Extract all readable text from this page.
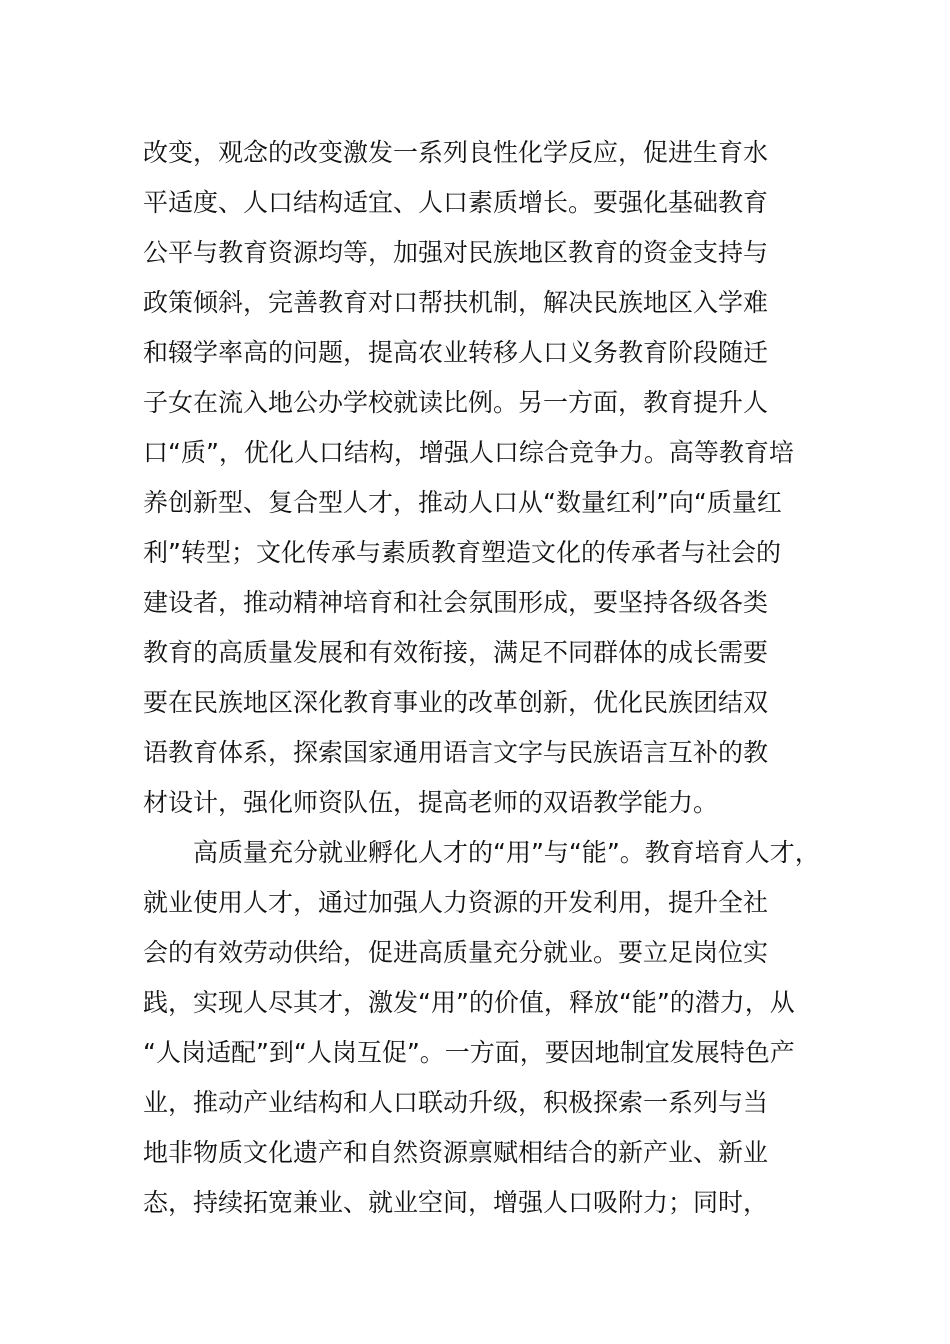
改变，观念的改变激发一系列良性化学反应，促进生育水
平适度、人口结构适宜、人口素质增长。要强化基础教育
公平与教育资源均等，加强对民族地区教育的资金支持与
政策倾斜，完善教育对口帮扶机制，解决民族地区入学难
和辍学率高的问题，提高农业转移人口义务教育阶段随迁
子女在流入地公办学校就读比例。另一方面，教育提升人
口“质”，优化人口结构，增强人口综合竞争力。高等教育培
养创新型、复合型人才，推动人口从“数量红利”向“质量红
利”转型；文化传承与素质教育塑造文化的传承者与社会的
建设者，推动精神培育和社会氛围形成，要坚持各级各类
教育的高质量发展和有效衔接，满足不同群体的成长需要
要在民族地区深化教育事业的改革创新，优化民族团结双
语教育体系，探索国家通用语言文字与民族语言互补的教
材设计，强化师资队伍，提高老师的双语教学能力。
　　高质量充分就业孵化人才的“用”与“能”。教育培育人才，
就业使用人才，通过加强人力资源的开发利用，提升全社
会的有效劳动供给，促进高质量充分就业。要立足岗位实
践，实现人尽其才，激发“用”的价值，释放“能”的潜力，从
“人岗适配”到“人岗互促”。一方面，要因地制宜发展特色产
业，推动产业结构和人口联动升级，积极探索一系列与当
地非物质文化遗产和自然资源禀赋相结合的新产业、新业
态，持续拓宽兼业、就业空间，增强人口吸附力；同时，
